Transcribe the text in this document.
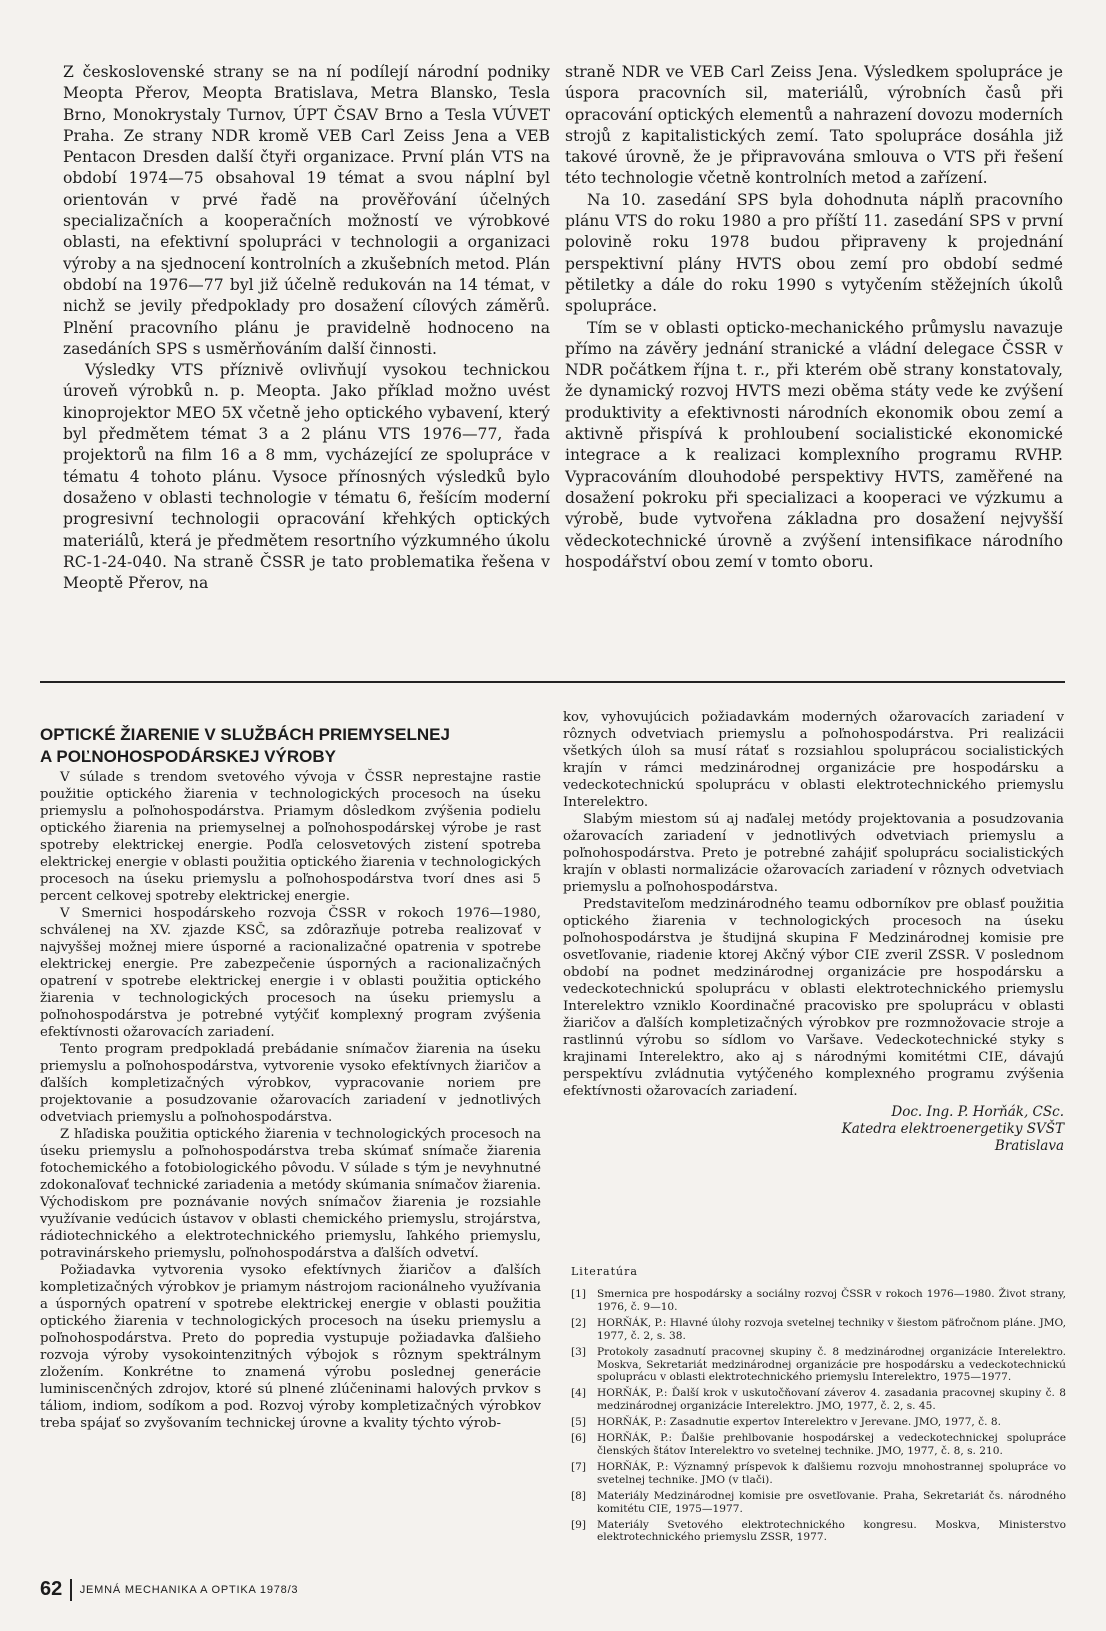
Z československé strany se na ní podílejí národní podniky Meopta Přerov, Meopta Bratislava, Metra Blansko, Tesla Brno, Monokrystaly Turnov, ÚPT ČSAV Brno a Tesla VÚVET Praha. Ze strany NDR kromě VEB Carl Zeiss Jena a VEB Pentacon Dresden další čtyři organizace. První plán VTS na období 1974—75 obsahoval 19 témat a svou náplní byl orientován v prvé řadě na prověřování účelných specializačních a kooperačních možností ve výrobkové oblasti, na efektivní spolupráci v technologii a organizaci výroby a na sjednocení kontrolních a zkušebních metod. Plán období na 1976—77 byl již účelně redukován na 14 témat, v nichž se jevily předpoklady pro dosažení cílových záměrů. Plnění pracovního plánu je pravidelně hodnoceno na zasedáních SPS s usměrňováním další činnosti.

Výsledky VTS příznivě ovlivňují vysokou technickou úroveň výrobků n. p. Meopta. Jako příklad možno uvést kinoprojektor MEO 5X včetně jeho optického vybavení, který byl předmětem témat 3 a 2 plánu VTS 1976—77, řada projektorů na film 16 a 8 mm, vycházející ze spolupráce v tématu 4 tohoto plánu. Vysoce přínosných výsledků bylo dosaženo v oblasti technologie v tématu 6, řešícím moderní progresivní technologii opracování křehkých optických materiálů, která je předmětem resortního výzkumného úkolu RC-1-24-040. Na straně ČSSR je tato problematika řešena v Meoptě Přerov, na

straně NDR ve VEB Carl Zeiss Jena. Výsledkem spolupráce je úspora pracovních sil, materiálů, výrobních časů při opracování optických elementů a nahrazení dovozu moderních strojů z kapitalistických zemí. Tato spolupráce dosáhla již takové úrovně, že je připravována smlouva o VTS při řešení této technologie včetně kontrolních metod a zařízení.

Na 10. zasedání SPS byla dohodnuta náplň pracovního plánu VTS do roku 1980 a pro příští 11. zasedání SPS v první polovině roku 1978 budou připraveny k projednání perspektivní plány HVTS obou zemí pro období sedmé pětiletky a dále do roku 1990 s vytyčením stěžejních úkolů spolupráce.

Tím se v oblasti opticko-mechanického průmyslu navazuje přímo na závěry jednání stranické a vládní delegace ČSSR v NDR počátkem října t. r., při kterém obě strany konstatovaly, že dynamický rozvoj HVTS mezi oběma státy vede ke zvýšení produktivity a efektivnosti národních ekonomik obou zemí a aktivně přispívá k prohloubení socialistické ekonomické integrace a k realizaci komplexního programu RVHP. Vypracováním dlouhodobé perspektivy HVTS, zaměřené na dosažení pokroku při specializaci a kooperaci ve výzkumu a výrobě, bude vytvořena základna pro dosažení nejvyšší vědeckotechnické úrovně a zvýšení intensifikace národního hospodářství obou zemí v tomto oboru.

OPTICKÉ ŽIARENIE V SLUŽBÁCH PRIEMYSELNEJ
A POĽNOHOSPODÁRSKEJ VÝROBY

V súlade s trendom svetového vývoja v ČSSR neprestajne rastie použitie optického žiarenia v technologických procesoch na úseku priemyslu a poľnohospodárstva. Priamym dôsledkom zvýšenia podielu optického žiarenia na priemyselnej a poľnohospodárskej výrobe je rast spotreby elektrickej energie. Podľa celosvetových zistení spotreba elektrickej energie v oblasti použitia optického žiarenia v technologických procesoch na úseku priemyslu a poľnohospodárstva tvorí dnes asi 5 percent celkovej spotreby elektrickej energie.

V Smernici hospodárskeho rozvoja ČSSR v rokoch 1976—1980, schválenej na XV. zjazde KSČ, sa zdôrazňuje potreba realizovať v najvyššej možnej miere úsporné a racionalizačné opatrenia v spotrebe elektrickej energie. Pre zabezpečenie úsporných a racionalizačných opatrení v spotrebe elektrickej energie i v oblasti použitia optického žiarenia v technologických procesoch na úseku priemyslu a poľnohospodárstva je potrebné vytýčiť komplexný program zvýšenia efektívnosti ožarovacích zariadení.

Tento program predpokladá prebádanie snímačov žiarenia na úseku priemyslu a poľnohospodárstva, vytvorenie vysoko efektívnych žiaričov a ďalších kompletizačných výrobkov, vypracovanie noriem pre projektovanie a posudzovanie ožarovacích zariadení v jednotlivých odvetviach priemyslu a poľnohospodárstva.

Z hľadiska použitia optického žiarenia v technologických procesoch na úseku priemyslu a poľnohospodárstva treba skúmať snímače žiarenia fotochemického a fotobiologického pôvodu. V súlade s tým je nevyhnutné zdokonaľovať technické zariadenia a metódy skúmania snímačov žiarenia. Východiskom pre poznávanie nových snímačov žiarenia je rozsiahle využívanie vedúcich ústavov v oblasti chemického priemyslu, strojárstva, rádiotechnického a elektrotechnického priemyslu, ľahkého priemyslu, potravinárskeho priemyslu, poľnohospodárstva a ďalších odvetví.

Požiadavka vytvorenia vysoko efektívnych žiaričov a ďalších kompletizačných výrobkov je priamym nástrojom racionálneho využívania a úsporných opatrení v spotrebe elektrickej energie v oblasti použitia optického žiarenia v technologických procesoch na úseku priemyslu a poľnohospodárstva. Preto do popredia vystupuje požiadavka ďalšieho rozvoja výroby vysokointenzitných výbojok s rôznym spektrálnym zložením. Konkrétne to znamená výrobu poslednej generácie luminiscenčných zdrojov, ktoré sú plnené zlúčeninami halových prvkov s táliom, indiom, sodíkom a pod. Rozvoj výroby kompletizačných výrobkov treba spájať so zvyšovaním technickej úrovne a kvality týchto výrob-

kov, vyhovujúcich požiadavkám moderných ožarovacích zariadení v rôznych odvetviach priemyslu a poľnohospodárstva. Pri realizácii všetkých úloh sa musí rátať s rozsiahlou spoluprácou socialistických krajín v rámci medzinárodnej organizácie pre hospodársku a vedeckotechnickú spoluprácu v oblasti elektrotechnického priemyslu Interelektro.

Slabým miestom sú aj naďalej metódy projektovania a posudzovania ožarovacích zariadení v jednotlivých odvetviach priemyslu a poľnohospodárstva. Preto je potrebné zahájiť spoluprácu socialistických krajín v oblasti normalizácie ožarovacích zariadení v rôznych odvetviach priemyslu a poľnohospodárstva.

Predstaviteľom medzinárodného teamu odborníkov pre oblasť použitia optického žiarenia v technologických procesoch na úseku poľnohospodárstva je študijná skupina F Medzinárodnej komisie pre osvetľovanie, riadenie ktorej Akčný výbor CIE zveril ZSSR. V poslednom období na podnet medzinárodnej organizácie pre hospodársku a vedeckotechnickú spoluprácu v oblasti elektrotechnického priemyslu Interelektro vzniklo Koordinačné pracovisko pre spoluprácu v oblasti žiaričov a ďalších kompletizačných výrobkov pre rozmnožovacie stroje a rastlinnú výrobu so sídlom vo Varšave. Vedeckotechnické styky s krajinami Interelektro, ako aj s národnými komitétmi CIE, dávajú perspektívu zvládnutia vytýčeného komplexného programu zvýšenia efektívnosti ožarovacích zariadení.

Doc. Ing. P. Horňák, CSc.
Katedra elektroenergetiky SVŠT
Bratislava
Literatúra
[1]	Smernica pre hospodársky a sociálny rozvoj ČSSR v rokoch 1976—1980. Život strany, 1976, č. 9—10.
[2]	HORŇÁK, P.: Hlavné úlohy rozvoja svetelnej techniky v šiestom päťročnom pláne. JMO, 1977, č. 2, s. 38.
[3]	Protokoly zasadnutí pracovnej skupiny č. 8 medzinárodnej organizácie Interelektro. Moskva, Sekretariát medzinárodnej organizácie pre hospodársku a vedeckotechnickú spoluprácu v oblasti elektrotechnického priemyslu Interelektro, 1975—1977.
[4]	HORŇÁK, P.: Ďalší krok v uskutočňovaní záverov 4. zasadania pracovnej skupiny č. 8 medzinárodnej organizácie Interelektro. JMO, 1977, č. 2, s. 45.
[5]	HORŇÁK, P.: Zasadnutie expertov Interelektro v Jerevane. JMO, 1977, č. 8.
[6]	HORŇÁK, P.: Ďalšie prehlbovanie hospodárskej a vedeckotechnickej spolupráce členských štátov Interelektro vo svetelnej technike. JMO, 1977, č. 8, s. 210.
[7]	HORŇÁK, P.: Významný príspevok k ďalšiemu rozvoju mnohostrannej spolupráce vo svetelnej technike. JMO (v tlači).
[8]	Materiály Medzinárodnej komisie pre osvetľovanie. Praha, Sekretariát čs. národného komitétu CIE, 1975—1977.
[9]	Materiály Svetového elektrotechnického kongresu. Moskva, Ministerstvo elektrotechnického priemyslu ZSSR, 1977.
62 JEMNÁ MECHANIKA A OPTIKA 1978/3
